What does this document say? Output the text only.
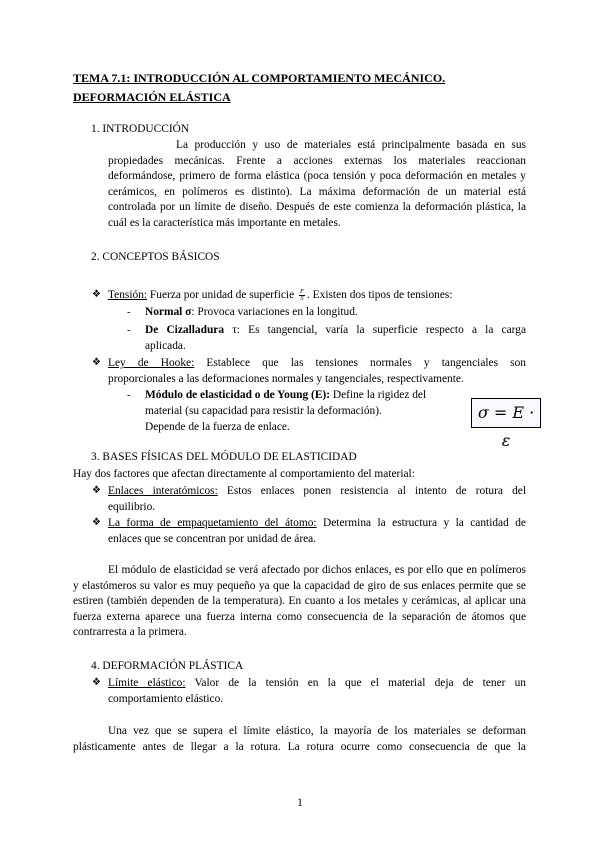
TEMA 7.1: INTRODUCCIÓN AL COMPORTAMIENTO MECÁNICO.
DEFORMACIÓN ELÁSTICA
1. INTRODUCCIÓN
La producción y uso de materiales está principalmente basada en sus propiedades mecánicas. Frente a acciones externas los materiales reaccionan deformándose, primero de forma elástica (poca tensión y poca deformación en metales y cerámicos, en polímeros es distinto). La máxima deformación de un material está controlada por un límite de diseño. Después de este comienza la deformación plástica, la cuál es la característica más importante en metales.
2. CONCEPTOS BÁSICOS
❖ Tensión: Fuerza por unidad de superficie $\frac{F}{S}$ . Existen dos tipos de tensiones:
- Normal σ: Provoca variaciones en la longitud.
- De Cizalladura τ: Es tangencial, varía la superficie respecto a la carga
aplicada.
❖ Ley de Hooke: Establece que las tensiones normales y tangenciales son
proporcionales a las deformaciones normales y tangenciales, respectivamente.
- Módulo de elasticidad o de Young (E): Define la rigidez del
material (su capacidad para resistir la deformación).
Depende de la fuerza de enlace.
σ = E · ε
3. BASES FÍSICAS DEL MÓDULO DE ELASTICIDAD
Hay dos factores que afectan directamente al comportamiento del material:
❖ Enlaces interatómicos: Estos enlaces ponen resistencia al intento de rotura del
equilibrio.
❖ La forma de empaquetamiento del átomo: Determina la estructura y la cantidad de
enlaces que se concentran por unidad de área.
El módulo de elasticidad se verá afectado por dichos enlaces, es por ello que en polímeros y elastómeros su valor es muy pequeño ya que la capacidad de giro de sus enlaces permite que se estiren (también dependen de la temperatura). En cuanto a los metales y cerámicas, al aplicar una fuerza externa aparece una fuerza interna como consecuencia de la separación de átomos que contrarresta a la primera.
4. DEFORMACIÓN PLÁSTICA
❖ Límite elástico: Valor de la tensión en la que el material deja de tener un
comportamiento elástico.
Una vez que se supera el límite elástico, la mayoría de los materiales se deforman plásticamente antes de llegar a la rotura. La rotura ocurre como consecuencia de que la
1
